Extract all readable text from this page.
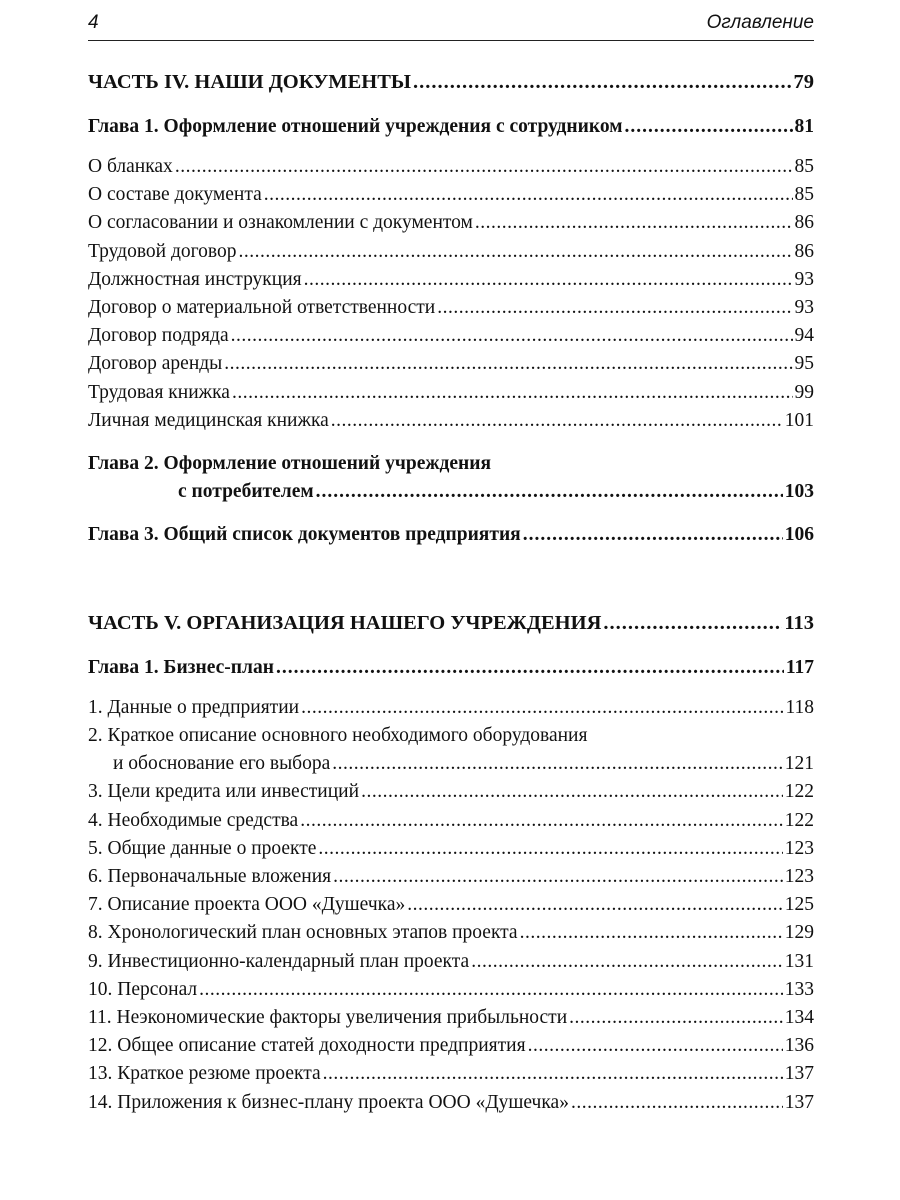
4	Оглавление
ЧАСТЬ IV. НАШИ ДОКУМЕНТЫ .....	79
Глава 1. Оформление отношений учреждения с сотрудником .....	81
О бланках .....	85
О составе документа .....	85
О согласовании и ознакомлении с документом .....	86
Трудовой договор .....	86
Должностная инструкция .....	93
Договор о материальной ответственности .....	93
Договор подряда .....	94
Договор аренды .....	95
Трудовая книжка .....	99
Личная медицинская книжка .....	101
Глава 2. Оформление отношений учреждения
с потребителем .....	103
Глава 3. Общий список документов предприятия .....	106
ЧАСТЬ V. ОРГАНИЗАЦИЯ НАШЕГО УЧРЕЖДЕНИЯ .....	113
Глава 1. Бизнес-план .....	117
1. Данные о предприятии .....	118
2. Краткое описание основного необходимого оборудования
и обоснование его выбора .....	121
3. Цели кредита или инвестиций .....	122
4. Необходимые средства .....	122
5. Общие данные о проекте .....	123
6. Первоначальные вложения .....	123
7. Описание проекта ООО «Душечка» .....	125
8. Хронологический план основных этапов проекта .....	129
9. Инвестиционно-календарный план проекта .....	131
10. Персонал .....	133
11. Неэкономические факторы увеличения прибыльности .....	134
12. Общее описание статей доходности предприятия .....	136
13. Краткое резюме проекта .....	137
14. Приложения к бизнес-плану проекта ООО «Душечка» .....	137
